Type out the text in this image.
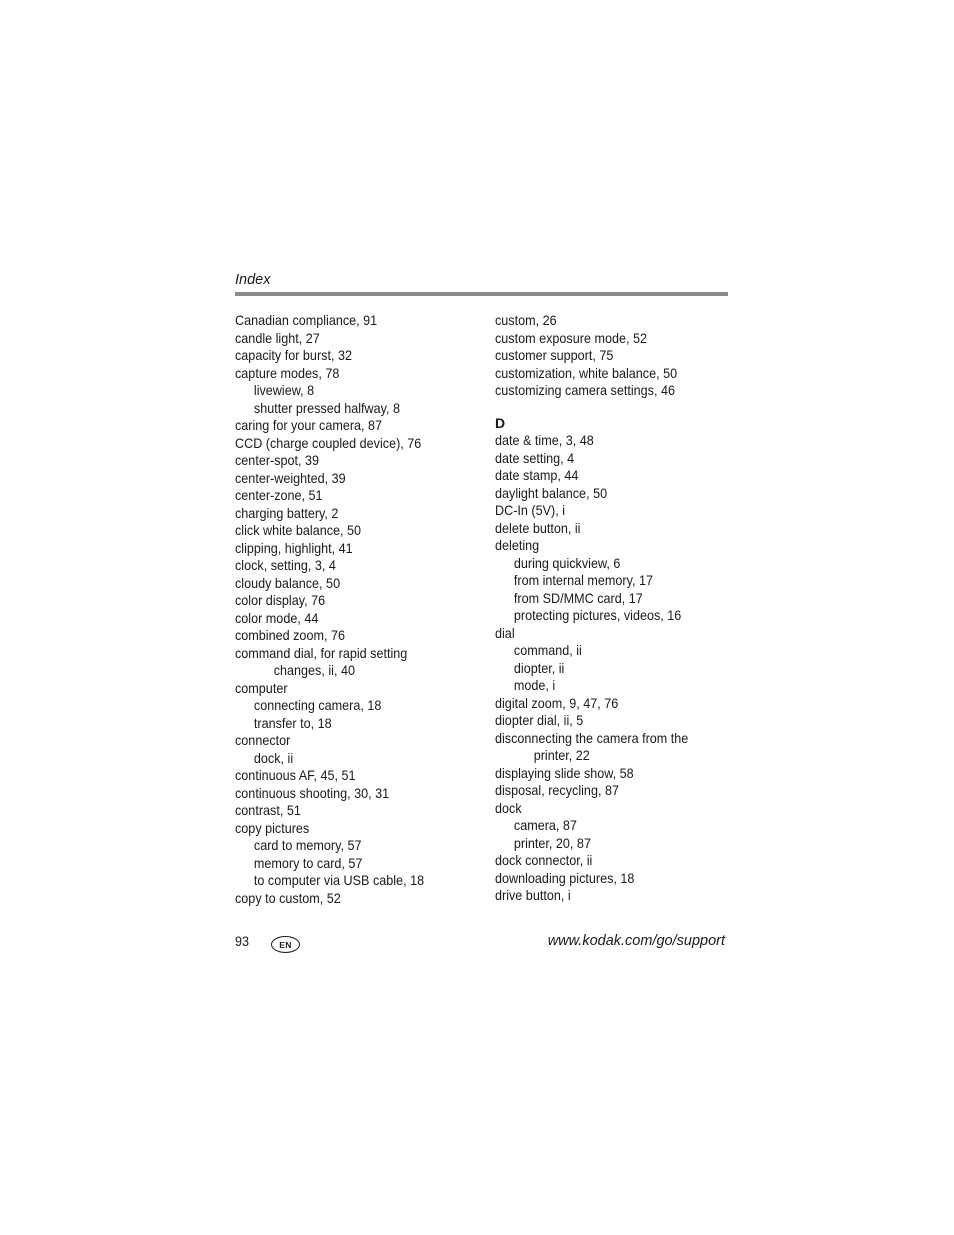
Index
Canadian compliance, 91
candle light, 27
capacity for burst, 32
capture modes, 78
livewiew, 8
shutter pressed halfway, 8
caring for your camera, 87
CCD (charge coupled device), 76
center-spot, 39
center-weighted, 39
center-zone, 51
charging battery, 2
click white balance, 50
clipping, highlight, 41
clock, setting, 3, 4
cloudy balance, 50
color display, 76
color mode, 44
combined zoom, 76
command dial, for rapid setting
changes, ii, 40
computer
connecting camera, 18
transfer to, 18
connector
dock, ii
continuous AF, 45, 51
continuous shooting, 30, 31
contrast, 51
copy pictures
card to memory, 57
memory to card, 57
to computer via USB cable, 18
copy to custom, 52
custom, 26
custom exposure mode, 52
customer support, 75
customization, white balance, 50
customizing camera settings, 46
D
date & time, 3, 48
date setting, 4
date stamp, 44
daylight balance, 50
DC-In (5V), i
delete button, ii
deleting
during quickview, 6
from internal memory, 17
from SD/MMC card, 17
protecting pictures, videos, 16
dial
command, ii
diopter, ii
mode, i
digital zoom, 9, 47, 76
diopter dial, ii, 5
disconnecting the camera from the
printer, 22
displaying slide show, 58
disposal, recycling, 87
dock
camera, 87
printer, 20, 87
dock connector, ii
downloading pictures, 18
drive button, i
93	EN	www.kodak.com/go/support
